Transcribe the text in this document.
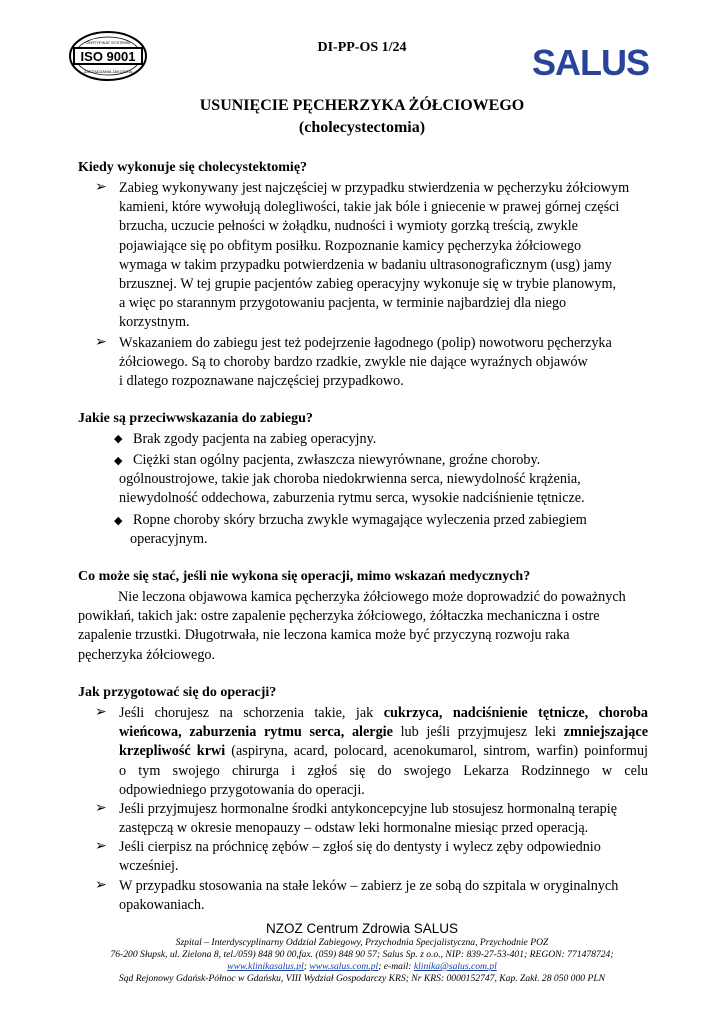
ISO 9001
CERTYFIKAT SYSTEMU
ZARZĄDZANIA JAKOŚCIĄ
DI-PP-OS 1/24	SALUS
USUNIĘCIE PĘCHERZYKA ŻÓŁCIOWEGO
(cholecystectomia)
Kiedy wykonuje się cholecystektomię?
➢ Zabieg wykonywany jest najczęściej w przypadku stwierdzenia w pęcherzyku żółciowym
kamieni, które wywołują dolegliwości, takie jak bóle i gniecenie w prawej górnej części
brzucha, uczucie pełności w żołądku, nudności i wymioty gorzką treścią, zwykle
pojawiające się po obfitym posiłku. Rozpoznanie kamicy pęcherzyka żółciowego
wymaga w takim przypadku potwierdzenia w badaniu ultrasonograficznym (usg) jamy
brzusznej. W tej grupie pacjentów zabieg operacyjny wykonuje się w trybie planowym,
a więc po starannym przygotowaniu pacjenta, w terminie najbardziej dla niego
korzystnym.
➢ Wskazaniem do zabiegu jest też podejrzenie łagodnego (polip) nowotworu pęcherzyka
żółciowego. Są to choroby bardzo rzadkie, zwykle nie dające wyraźnych objawów
i dlatego rozpoznawane najczęściej przypadkowo.
Jakie są przeciwwskazania do zabiegu?
◆ Brak zgody pacjenta na zabieg operacyjny.
◆ Ciężki stan ogólny pacjenta, zwłaszcza niewyrównane, groźne choroby.
ogólnoustrojowe, takie jak choroba niedokrwienna serca, niewydolność krążenia,
niewydolność oddechowa, zaburzenia rytmu serca, wysokie nadciśnienie tętnicze.
◆ Ropne choroby skóry brzucha zwykle wymagające wyleczenia przed zabiegiem
operacyjnym.
Co może się stać, jeśli nie wykona się operacji, mimo wskazań medycznych?
Nie leczona objawowa kamica pęcherzyka żółciowego może doprowadzić do poważnych
powikłań, takich jak: ostre zapalenie pęcherzyka żółciowego, żółtaczka mechaniczna i ostre
zapalenie trzustki. Długotrwała, nie leczona kamica może być przyczyną rozwoju raka
pęcherzyka żółciowego.
Jak przygotować się do operacji?
➢ Jeśli chorujesz na schorzenia takie, jak cukrzyca, nadciśnienie tętnicze, choroba
wieńcowa, zaburzenia rytmu serca, alergie lub jeśli przyjmujesz leki zmniejszające
krzepliwość krwi (aspiryna, acard, polocard, acenokumarol, sintrom, warfin) poinformuj
o tym swojego chirurga i zgłoś się do swojego Lekarza Rodzinnego w celu
odpowiedniego przygotowania do operacji.
➢ Jeśli przyjmujesz hormonalne środki antykoncepcyjne lub stosujesz hormonalną terapię
zastępczą w okresie menopauzy – odstaw leki hormonalne miesiąc przed operacją.
➢ Jeśli cierpisz na próchnicę zębów – zgłoś się do dentysty i wylecz zęby odpowiednio
wcześniej.
➢ W przypadku stosowania na stałe leków – zabierz je ze sobą do szpitala w oryginalnych
opakowaniach.
NZOZ Centrum Zdrowia SALUS
Szpital – Interdyscyplinarny Oddział Zabiegowy, Przychodnia Specjalistyczna, Przychodnie POZ
76-200 Słupsk, ul. Zielona 8, tel./059) 848 90 00,fax. (059) 848 90 57; Salus Sp. z o.o., NIP: 839-27-53-401; REGON: 771478724;
www.klinikasalus.pl; www.salus.com.pl; e-mail: klinika@salus.com.pl
Sąd Rejonowy Gdańsk-Północ w Gdańsku, VIII Wydział Gospodarczy KRS; Nr KRS: 0000152747, Kap. Zakł. 28 050 000 PLN
